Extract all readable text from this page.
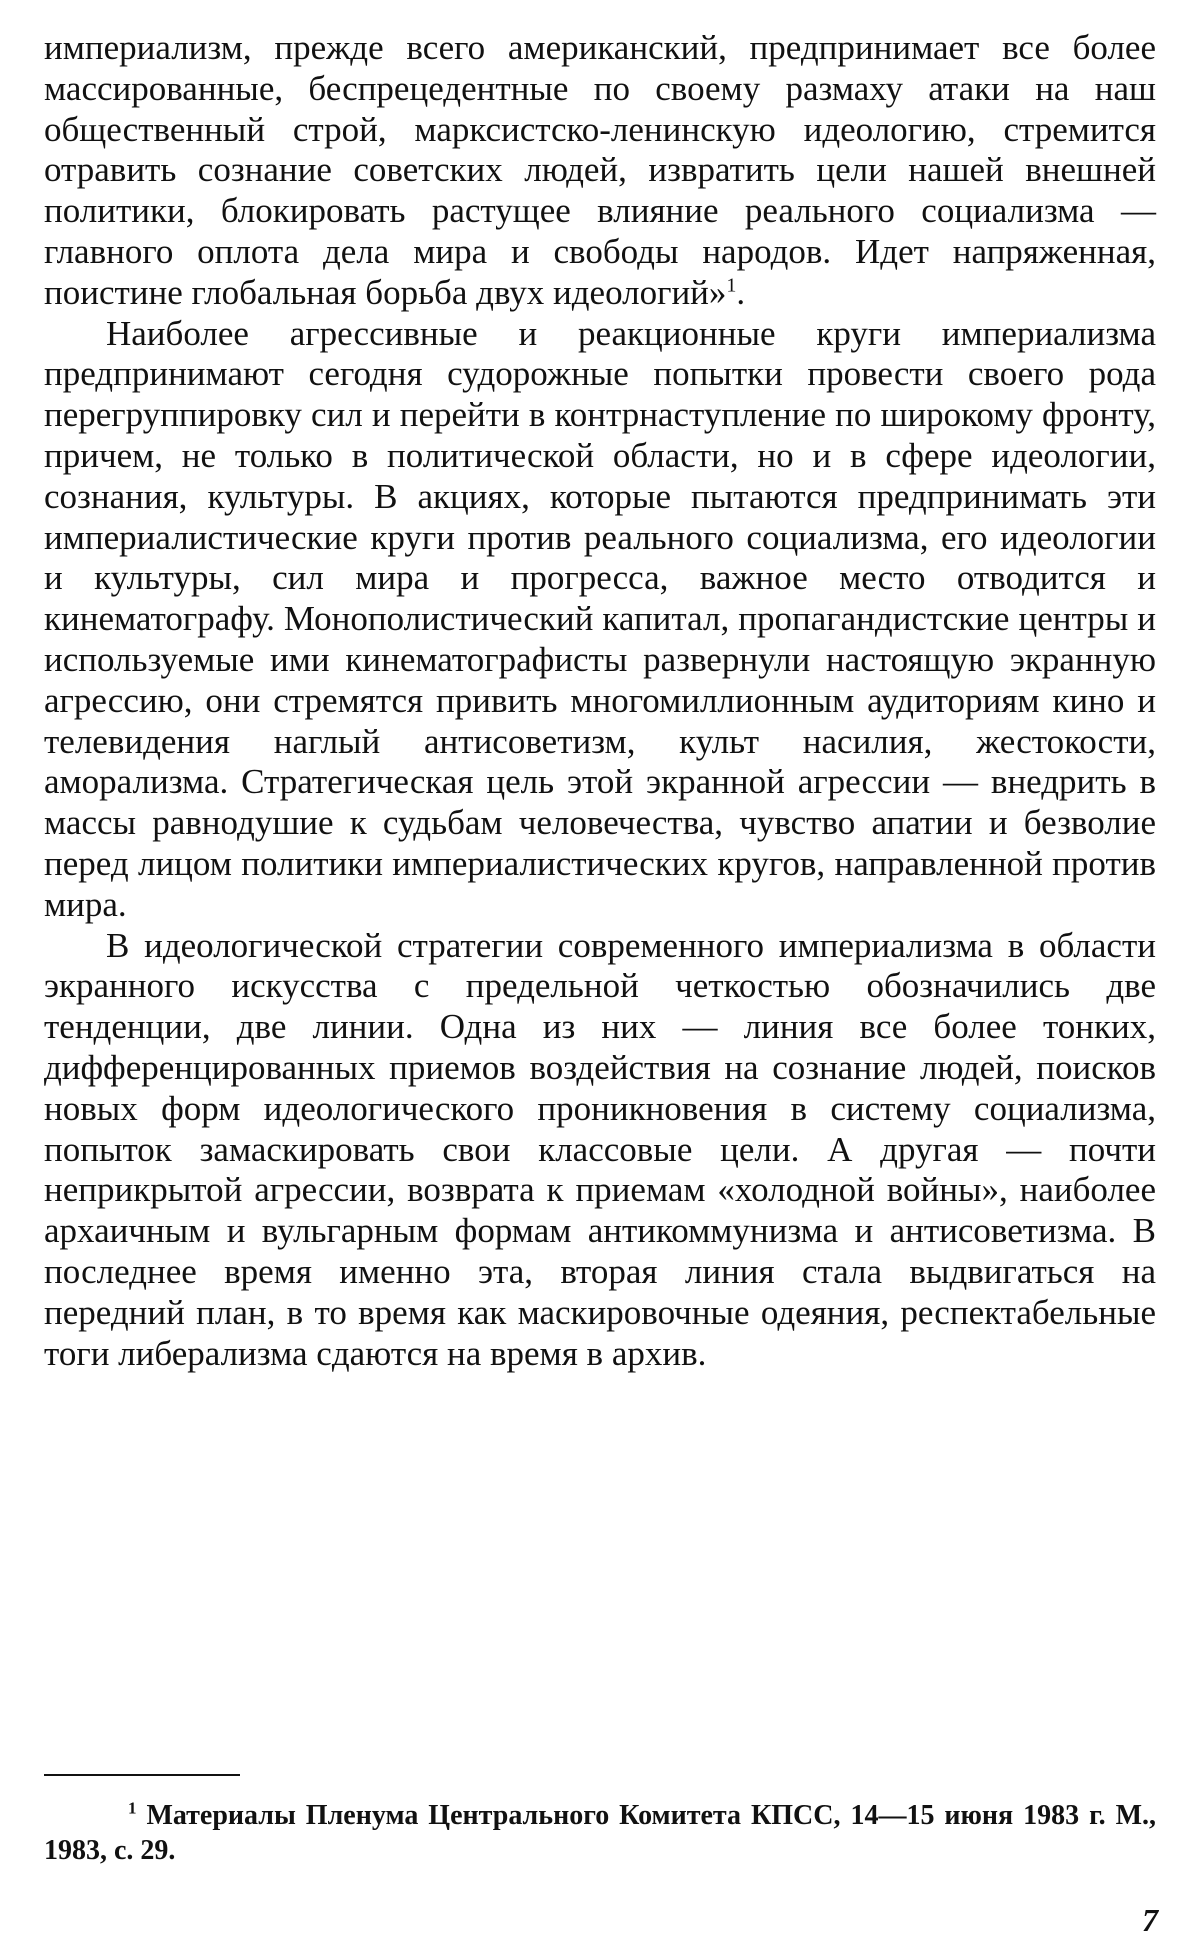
империализм, прежде всего американский, предпринимает все более массированные, беспрецедентные по своему размаху атаки на наш общественный строй, марксистско-ленинскую идеологию, стремится отравить сознание советских людей, извратить цели нашей внешней политики, блокировать растущее влияние реального социализма — главного оплота дела мира и свободы народов. Идет напряженная, поистине глобальная борьба двух идеологий»$^1$.

Наиболее агрессивные и реакционные круги империализма предпринимают сегодня судорожные попытки провести своего рода перегруппировку сил и перейти в контрнаступление по широкому фронту, причем, не только в политической области, но и в сфере идеологии, сознания, культуры. В акциях, которые пытаются предпринимать эти империалистические круги против реального социализма, его идеологии и культуры, сил мира и прогресса, важное место отводится и кинематографу. Монополистический капитал, пропагандистские центры и используемые ими кинематографисты развернули настоящую экранную агрессию, они стремятся привить многомиллионным аудиториям кино и телевидения наглый антисоветизм, культ насилия, жестокости, аморализма. Стратегическая цель этой экранной агрессии — внедрить в массы равнодушие к судьбам человечества, чувство апатии и безволие перед лицом политики империалистических кругов, направленной против мира.

В идеологической стратегии современного империализма в области экранного искусства с предельной четкостью обозначились две тенденции, две линии. Одна из них — линия все более тонких, дифференцированных приемов воздействия на сознание людей, поисков новых форм идеологического проникновения в систему социализма, попыток замаскировать свои классовые цели. А другая — почти неприкрытой агрессии, возврата к приемам «холодной войны», наиболее архаичным и вульгарным формам антикоммунизма и антисоветизма. В последнее время именно эта, вторая линия стала выдвигаться на передний план, в то время как маскировочные одеяния, респектабельные тоги либерализма сдаются на время в архив.

$^1$ Материалы Пленума Центрального Комитета КПСС, 14—15 июня 1983 г. М., 1983, с. 29.

7
